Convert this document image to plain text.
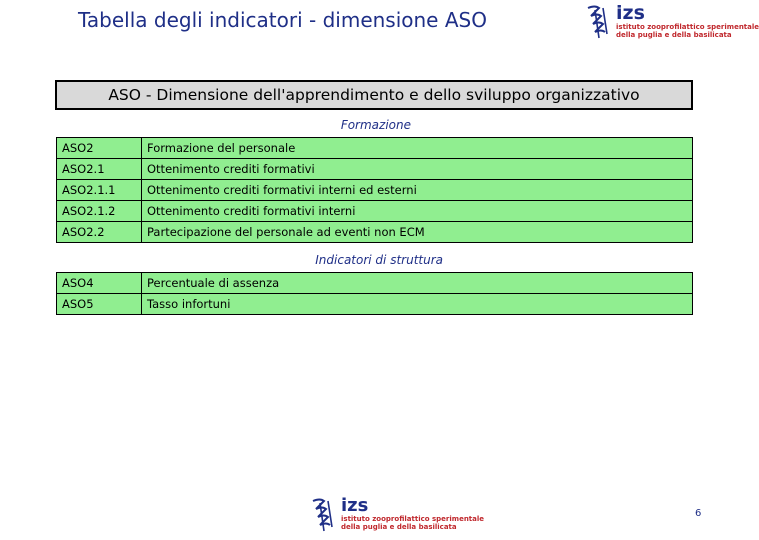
Tabella degli indicatori - dimensione ASO	izs
istituto zooprofilattico sperimentale
della puglia e della basilicata
ASO - Dimensione dell'apprendimento e dello sviluppo organizzativo
Formazione
ASO2	Formazione del personale
ASO2.1	Ottenimento crediti formativi
ASO2.1.1	Ottenimento crediti formativi interni ed esterni
ASO2.1.2	Ottenimento crediti formativi interni
ASO2.2	Partecipazione del personale ad eventi non ECM
Indicatori di struttura
ASO4	Percentuale di assenza
ASO5	Tasso infortuni
izs
istituto zooprofilattico sperimentale
della puglia e della basilicata
6
